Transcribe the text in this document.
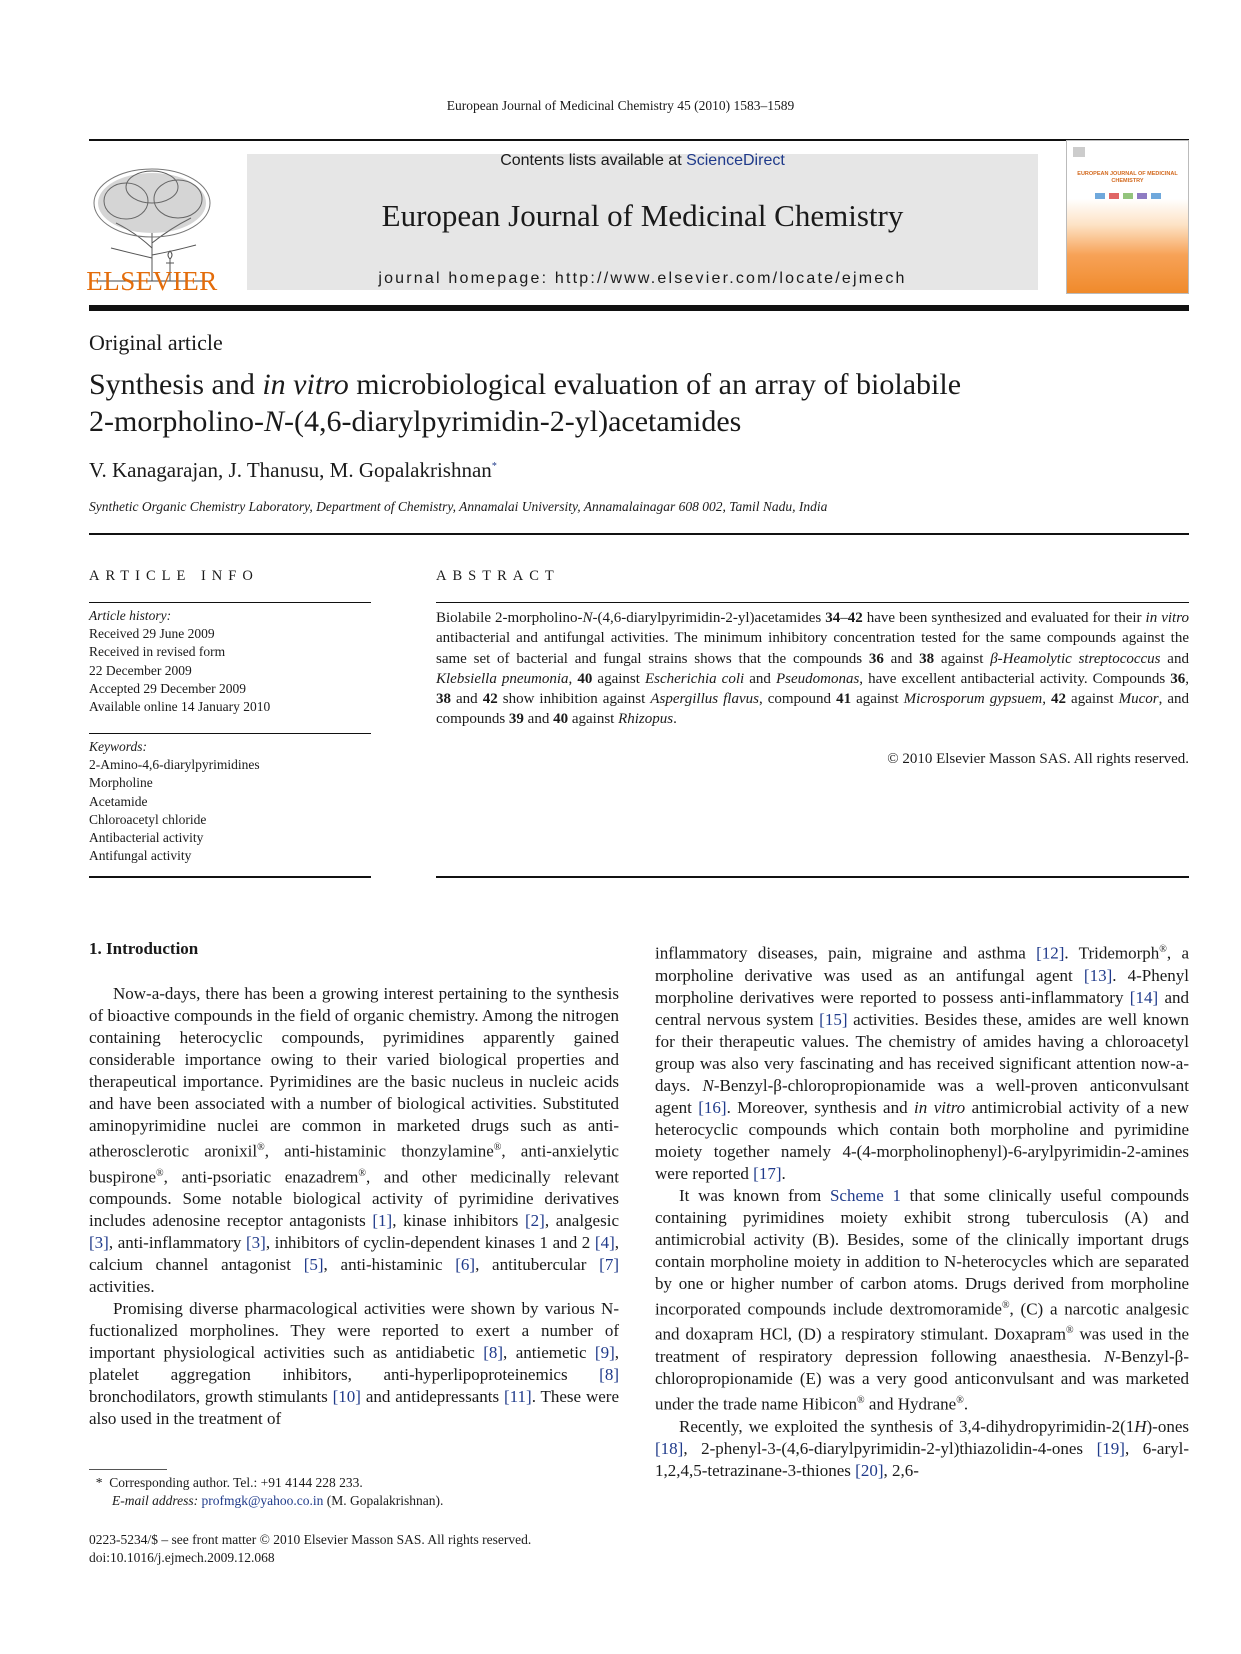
European Journal of Medicinal Chemistry 45 (2010) 1583–1589
ELSEVIER
Contents lists available at ScienceDirect
European Journal of Medicinal Chemistry
journal homepage: http://www.elsevier.com/locate/ejmech
EUROPEAN JOURNAL OF MEDICINAL CHEMISTRY
Original article
Synthesis and in vitro microbiological evaluation of an array of biolabile
2-morpholino-N-(4,6-diarylpyrimidin-2-yl)acetamides
V. Kanagarajan, J. Thanusu, M. Gopalakrishnan*
Synthetic Organic Chemistry Laboratory, Department of Chemistry, Annamalai University, Annamalainagar 608 002, Tamil Nadu, India
ARTICLE INFO	ABSTRACT
Article history:
Received 29 June 2009
Received in revised form
22 December 2009
Accepted 29 December 2009
Available online 14 January 2010
Keywords:
2-Amino-4,6-diarylpyrimidines
Morpholine
Acetamide
Chloroacetyl chloride
Antibacterial activity
Antifungal activity
Biolabile 2-morpholino-N-(4,6-diarylpyrimidin-2-yl)acetamides 34–42 have been synthesized and evaluated for their in vitro antibacterial and antifungal activities. The minimum inhibitory concentration tested for the same compounds against the same set of bacterial and fungal strains shows that the compounds 36 and 38 against β-Heamolytic streptococcus and Klebsiella pneumonia, 40 against Escherichia coli and Pseudomonas, have excellent antibacterial activity. Compounds 36, 38 and 42 show inhibition against Aspergillus flavus, compound 41 against Microsporum gypsuem, 42 against Mucor, and compounds 39 and 40 against Rhizopus.
© 2010 Elsevier Masson SAS. All rights reserved.
1. Introduction

Now-a-days, there has been a growing interest pertaining to the synthesis of bioactive compounds in the field of organic chemistry. Among the nitrogen containing heterocyclic compounds, pyrimidines apparently gained considerable importance owing to their varied biological properties and therapeutical importance. Pyrimidines are the basic nucleus in nucleic acids and have been associated with a number of biological activities. Substituted aminopyrimidine nuclei are common in marketed drugs such as anti-atherosclerotic aronixil®, anti-histaminic thonzylamine®, anti-anxielytic buspirone®, anti-psoriatic enazadrem®, and other medicinally relevant compounds. Some notable biological activity of pyrimidine derivatives includes adenosine receptor antagonists [1], kinase inhibitors [2], analgesic [3], anti-inflammatory [3], inhibitors of cyclin-dependent kinases 1 and 2 [4], calcium channel antagonist [5], anti-histaminic [6], antitubercular [7] activities.

Promising diverse pharmacological activities were shown by various N-fuctionalized morpholines. They were reported to exert a number of important physiological activities such as antidiabetic [8], antiemetic [9], platelet aggregation inhibitors, anti-hyperlipoproteinemics [8] bronchodilators, growth stimulants [10] and antidepressants [11]. These were also used in the treatment of

inflammatory diseases, pain, migraine and asthma [12]. Tridemorph®, a morpholine derivative was used as an antifungal agent [13]. 4-Phenyl morpholine derivatives were reported to possess anti-inflammatory [14] and central nervous system [15] activities. Besides these, amides are well known for their therapeutic values. The chemistry of amides having a chloroacetyl group was also very fascinating and has received significant attention now-a-days. N-Benzyl-β-chloropropionamide was a well-proven anticonvulsant agent [16]. Moreover, synthesis and in vitro antimicrobial activity of a new heterocyclic compounds which contain both morpholine and pyrimidine moiety together namely 4-(4-morpholinophenyl)-6-arylpyrimidin-2-amines were reported [17].

It was known from Scheme 1 that some clinically useful compounds containing pyrimidines moiety exhibit strong tuberculosis (A) and antimicrobial activity (B). Besides, some of the clinically important drugs contain morpholine moiety in addition to N-heterocycles which are separated by one or higher number of carbon atoms. Drugs derived from morpholine incorporated compounds include dextromoramide®, (C) a narcotic analgesic and doxapram HCl, (D) a respiratory stimulant. Doxapram® was used in the treatment of respiratory depression following anaesthesia. N-Benzyl-β-chloropropionamide (E) was a very good anticonvulsant and was marketed under the trade name Hibicon® and Hydrane®.

Recently, we exploited the synthesis of 3,4-dihydropyrimidin-2(1H)-ones [18], 2-phenyl-3-(4,6-diarylpyrimidin-2-yl)thiazolidin-4-ones [19], 6-aryl-1,2,4,5-tetrazinane-3-thiones [20], 2,6-

*  Corresponding author. Tel.: +91 4144 228 233.
E-mail address: profmgk@yahoo.co.in (M. Gopalakrishnan).
0223-5234/$ – see front matter © 2010 Elsevier Masson SAS. All rights reserved.
doi:10.1016/j.ejmech.2009.12.068
